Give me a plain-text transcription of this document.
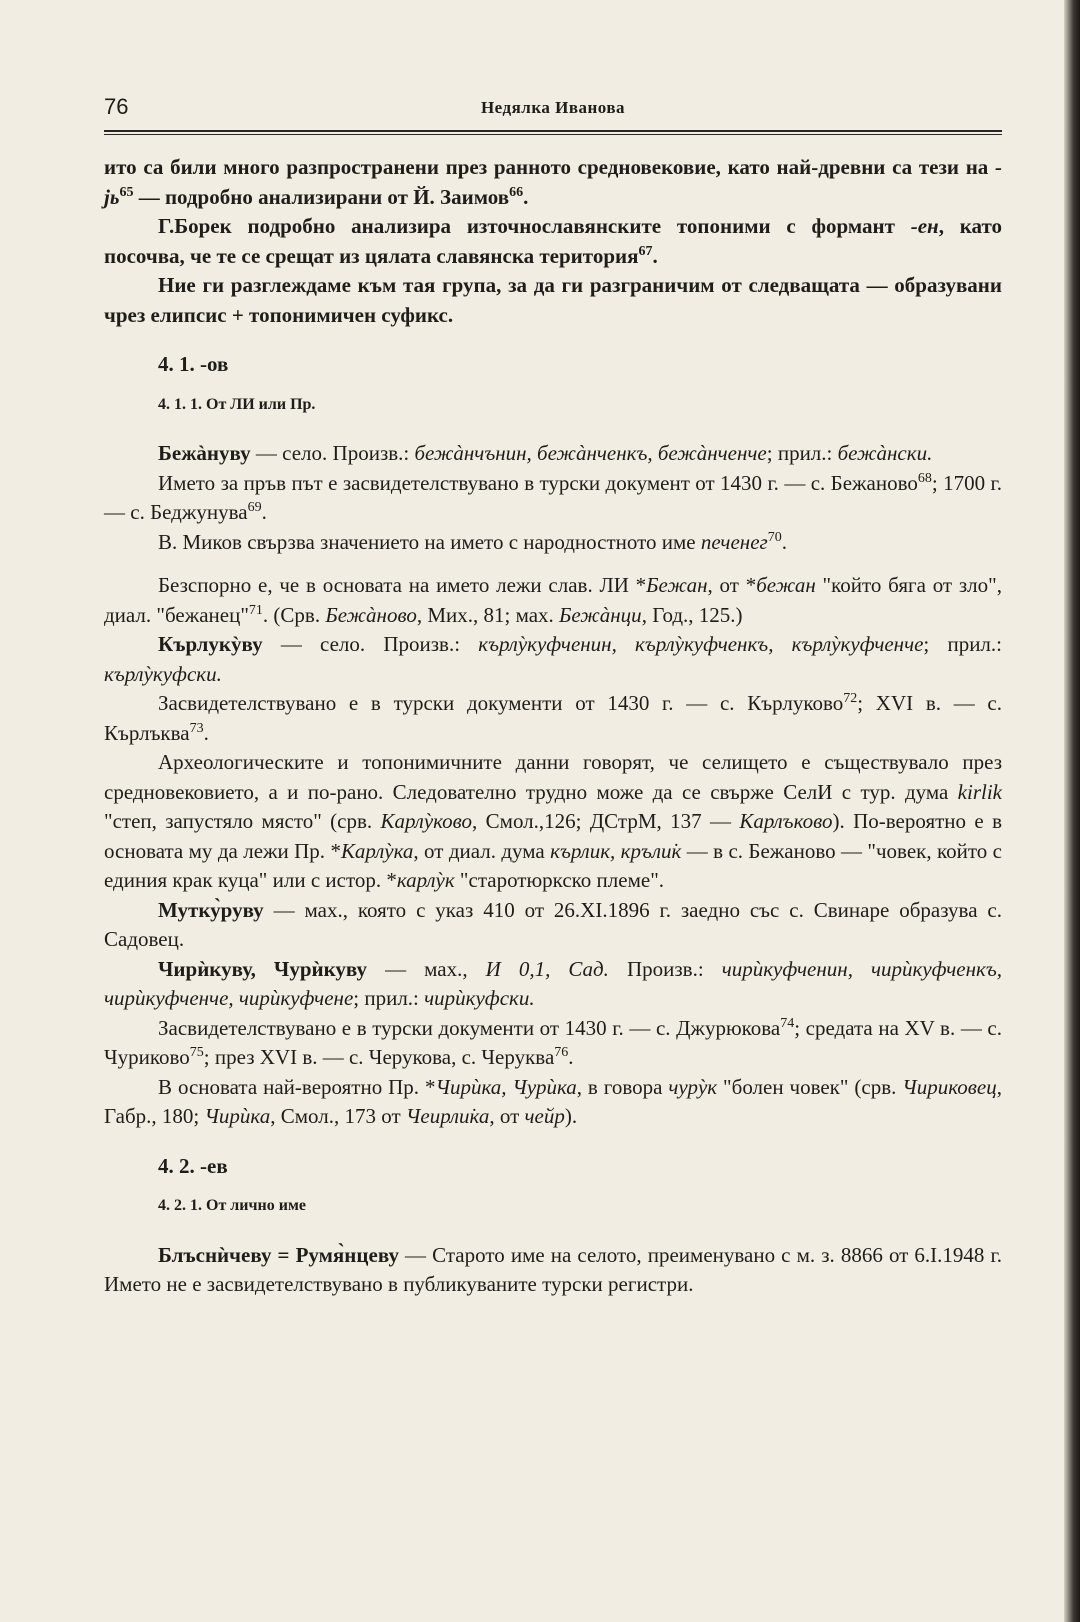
76	Недялка Иванова

ито са били много разпространени през ранното средновековие, като най-древни са тези на $-jь^{65}$ — подробно анализирани от Й. Заимов$^{66}$.

Г.Борек подробно анализира източнославянските топоними с формант -ен, като посочва, че те се срещат из цялата славянска територия$^{67}$.

Ние ги разглеждаме към тая група, за да ги разграничим от следващата — образувани чрез елипсис + топонимичен суфикс.

4. 1. -ов
4. 1. 1. От ЛИ или Пр.

Бежàнуву — село. Произв.: бежàнчънин, бежàнченкъ, бежàнченче; прил.: бежàнски.

Името за пръв път е засвидетелствувано в турски документ от 1430 г. — с. Бежаново$^{68}$; 1700 г. — с. Беджунува$^{69}$.

В. Миков свързва значението на името с народностното име печенег$^{70}$.

Безспорно е, че в основата на името лежи слав. ЛИ *Бежан, от *бежан "който бяга от зло", диал. "бежанец"$^{71}$. (Срв. Бежàново, Мих., 81; мах. Бежàнци, Год., 125.)

Кърлукỳву — село. Произв.: кърлỳкуфченин, кърлỳкуфченкъ, кърлỳкуфченче; прил.: кърлỳкуфски.

Засвидетелствувано е в турски документи от 1430 г. — с. Кърлуково$^{72}$; XVI в. — с. Кърлъква$^{73}$.

Археологическите и топонимичните данни говорят, че селището е съществувало през средновековието, а и по-рано. Следователно трудно може да се свърже СелИ с тур. дума kirlik "степ, запустяло място" (срв. Карлỳково, Смол.,126; ДСтрМ, 137 — Карлъково). По-вероятно е в основата му да лежи Пр. *Карлỳка, от диал. дума кърлик, кръли̇к — в с. Бежаново — "човек, който с единия крак куца" или с истор. *карлỳк "старотюркско племе".

Мутку̀руву — мах., която с указ 410 от 26.XI.1896 г. заедно със с. Свинаре образува с. Садовец.

Чирѝкуву, Чурѝкуву — мах., И 0,1, Сад. Произв.: чирѝкуфченин, чирѝкуфченкъ, чирѝкуфченче, чирѝкуфчене; прил.: чирѝкуфски.

Засвидетелствувано е в турски документи от 1430 г. — с. Джурюкова$^{74}$; средата на XV в. — с. Чуриково$^{75}$; през XVI в. — с. Черукова, с. Черуква$^{76}$.

В основата най-вероятно Пр. *Чирѝка, Чурѝка, в говора чурỳк "болен човек" (срв. Чириковец, Габр., 180; Чирѝка, Смол., 173 от Чеирли̇ка, от чейр).

4. 2. -ев
4. 2. 1. От лично име

Блъснѝчеву = Румя̀нцеву — Старото име на селото, преименувано с м. з. 8866 от 6.I.1948 г. Името не е засвидетелствувано в публикуваните турски регистри.
